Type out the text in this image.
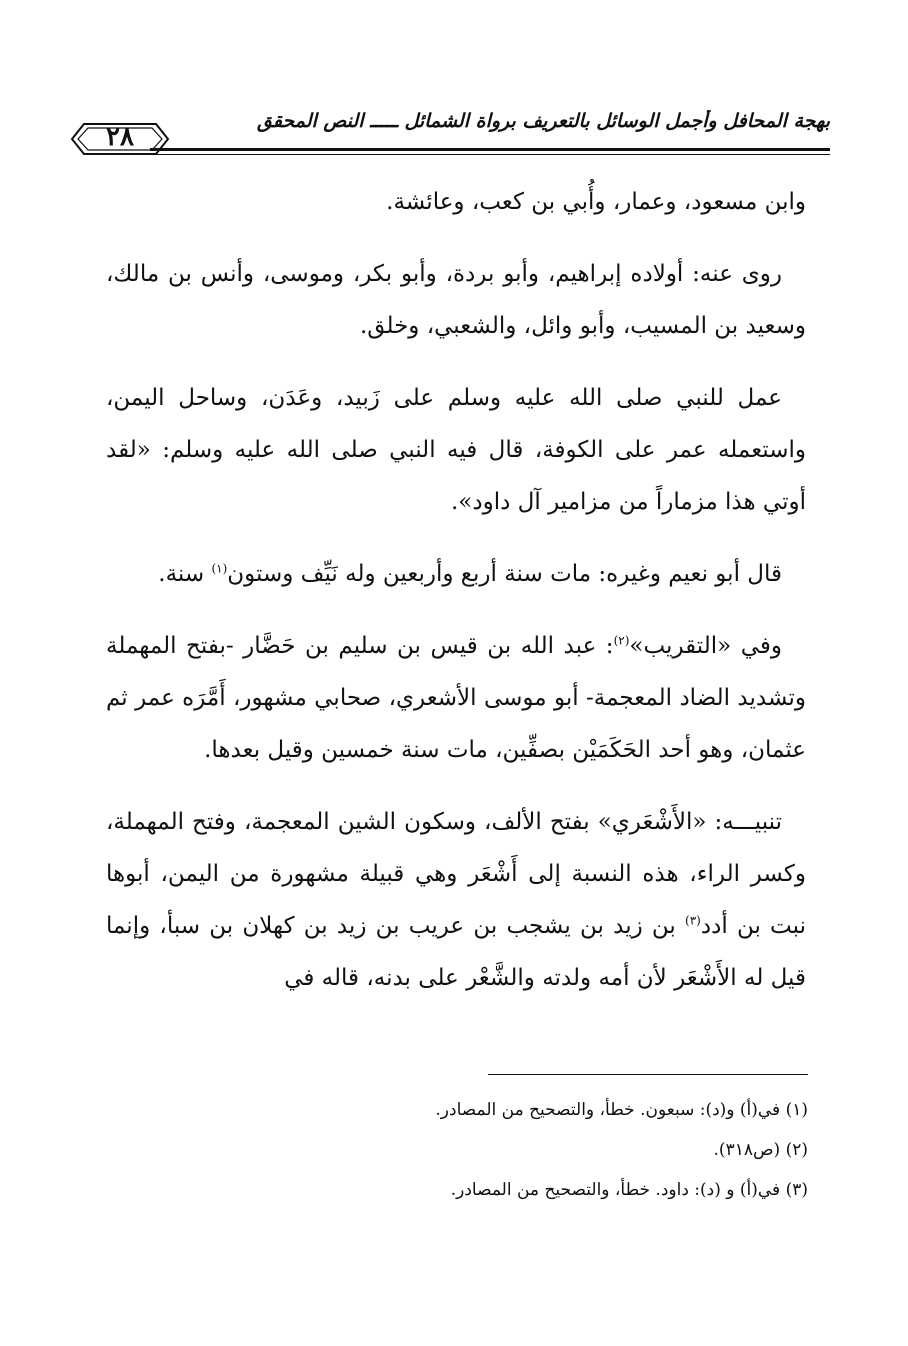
بهجة المحافل وأجمل الوسائل بالتعريف برواة الشمائل ـــــ النص المحقق
٢٨

وابن مسعود، وعمار، وأُبي بن كعب، وعائشة.

روى عنه: أولاده إبراهيم، وأبو بردة، وأبو بكر، وموسى، وأنس بن مالك، وسعيد بن المسيب، وأبو وائل، والشعبي، وخلق.

عمل للنبي صلى الله عليه وسلم على زَبيد، وعَدَن، وساحل اليمن، واستعمله عمر على الكوفة، قال فيه النبي صلى الله عليه وسلم: «لقد أوتي هذا مزماراً من مزامير آل داود».

قال أبو نعيم وغيره: مات سنة أربع وأربعين وله نَيِّف وستون$^{(١)}$ سنة.

وفي «التقريب»$^{(٢)}$: عبد الله بن قيس بن سليم بن حَضَّار -بفتح المهملة وتشديد الضاد المعجمة- أبو موسى الأشعري، صحابي مشهور، أَمَّرَه عمر ثم عثمان، وهو أحد الحَكَمَيْن بصفِّين، مات سنة خمسين وقيل بعدها.

تنبيـــه: «الأَشْعَري» بفتح الألف، وسكون الشين المعجمة، وفتح المهملة، وكسر الراء، هذه النسبة إلى أَشْعَر وهي قبيلة مشهورة من اليمن، أبوها نبت بن أدد$^{(٣)}$ بن زيد بن يشجب بن عريب بن زيد بن كهلان بن سبأ، وإنما قيل له الأَشْعَر لأن أمه ولدته والشَّعْر على بدنه، قاله في

(١) في(أ) و(د): سبعون. خطأ، والتصحيح من المصادر.

(٢) (ص٣١٨).

(٣) في(أ) و (د): داود. خطأ، والتصحيح من المصادر.
